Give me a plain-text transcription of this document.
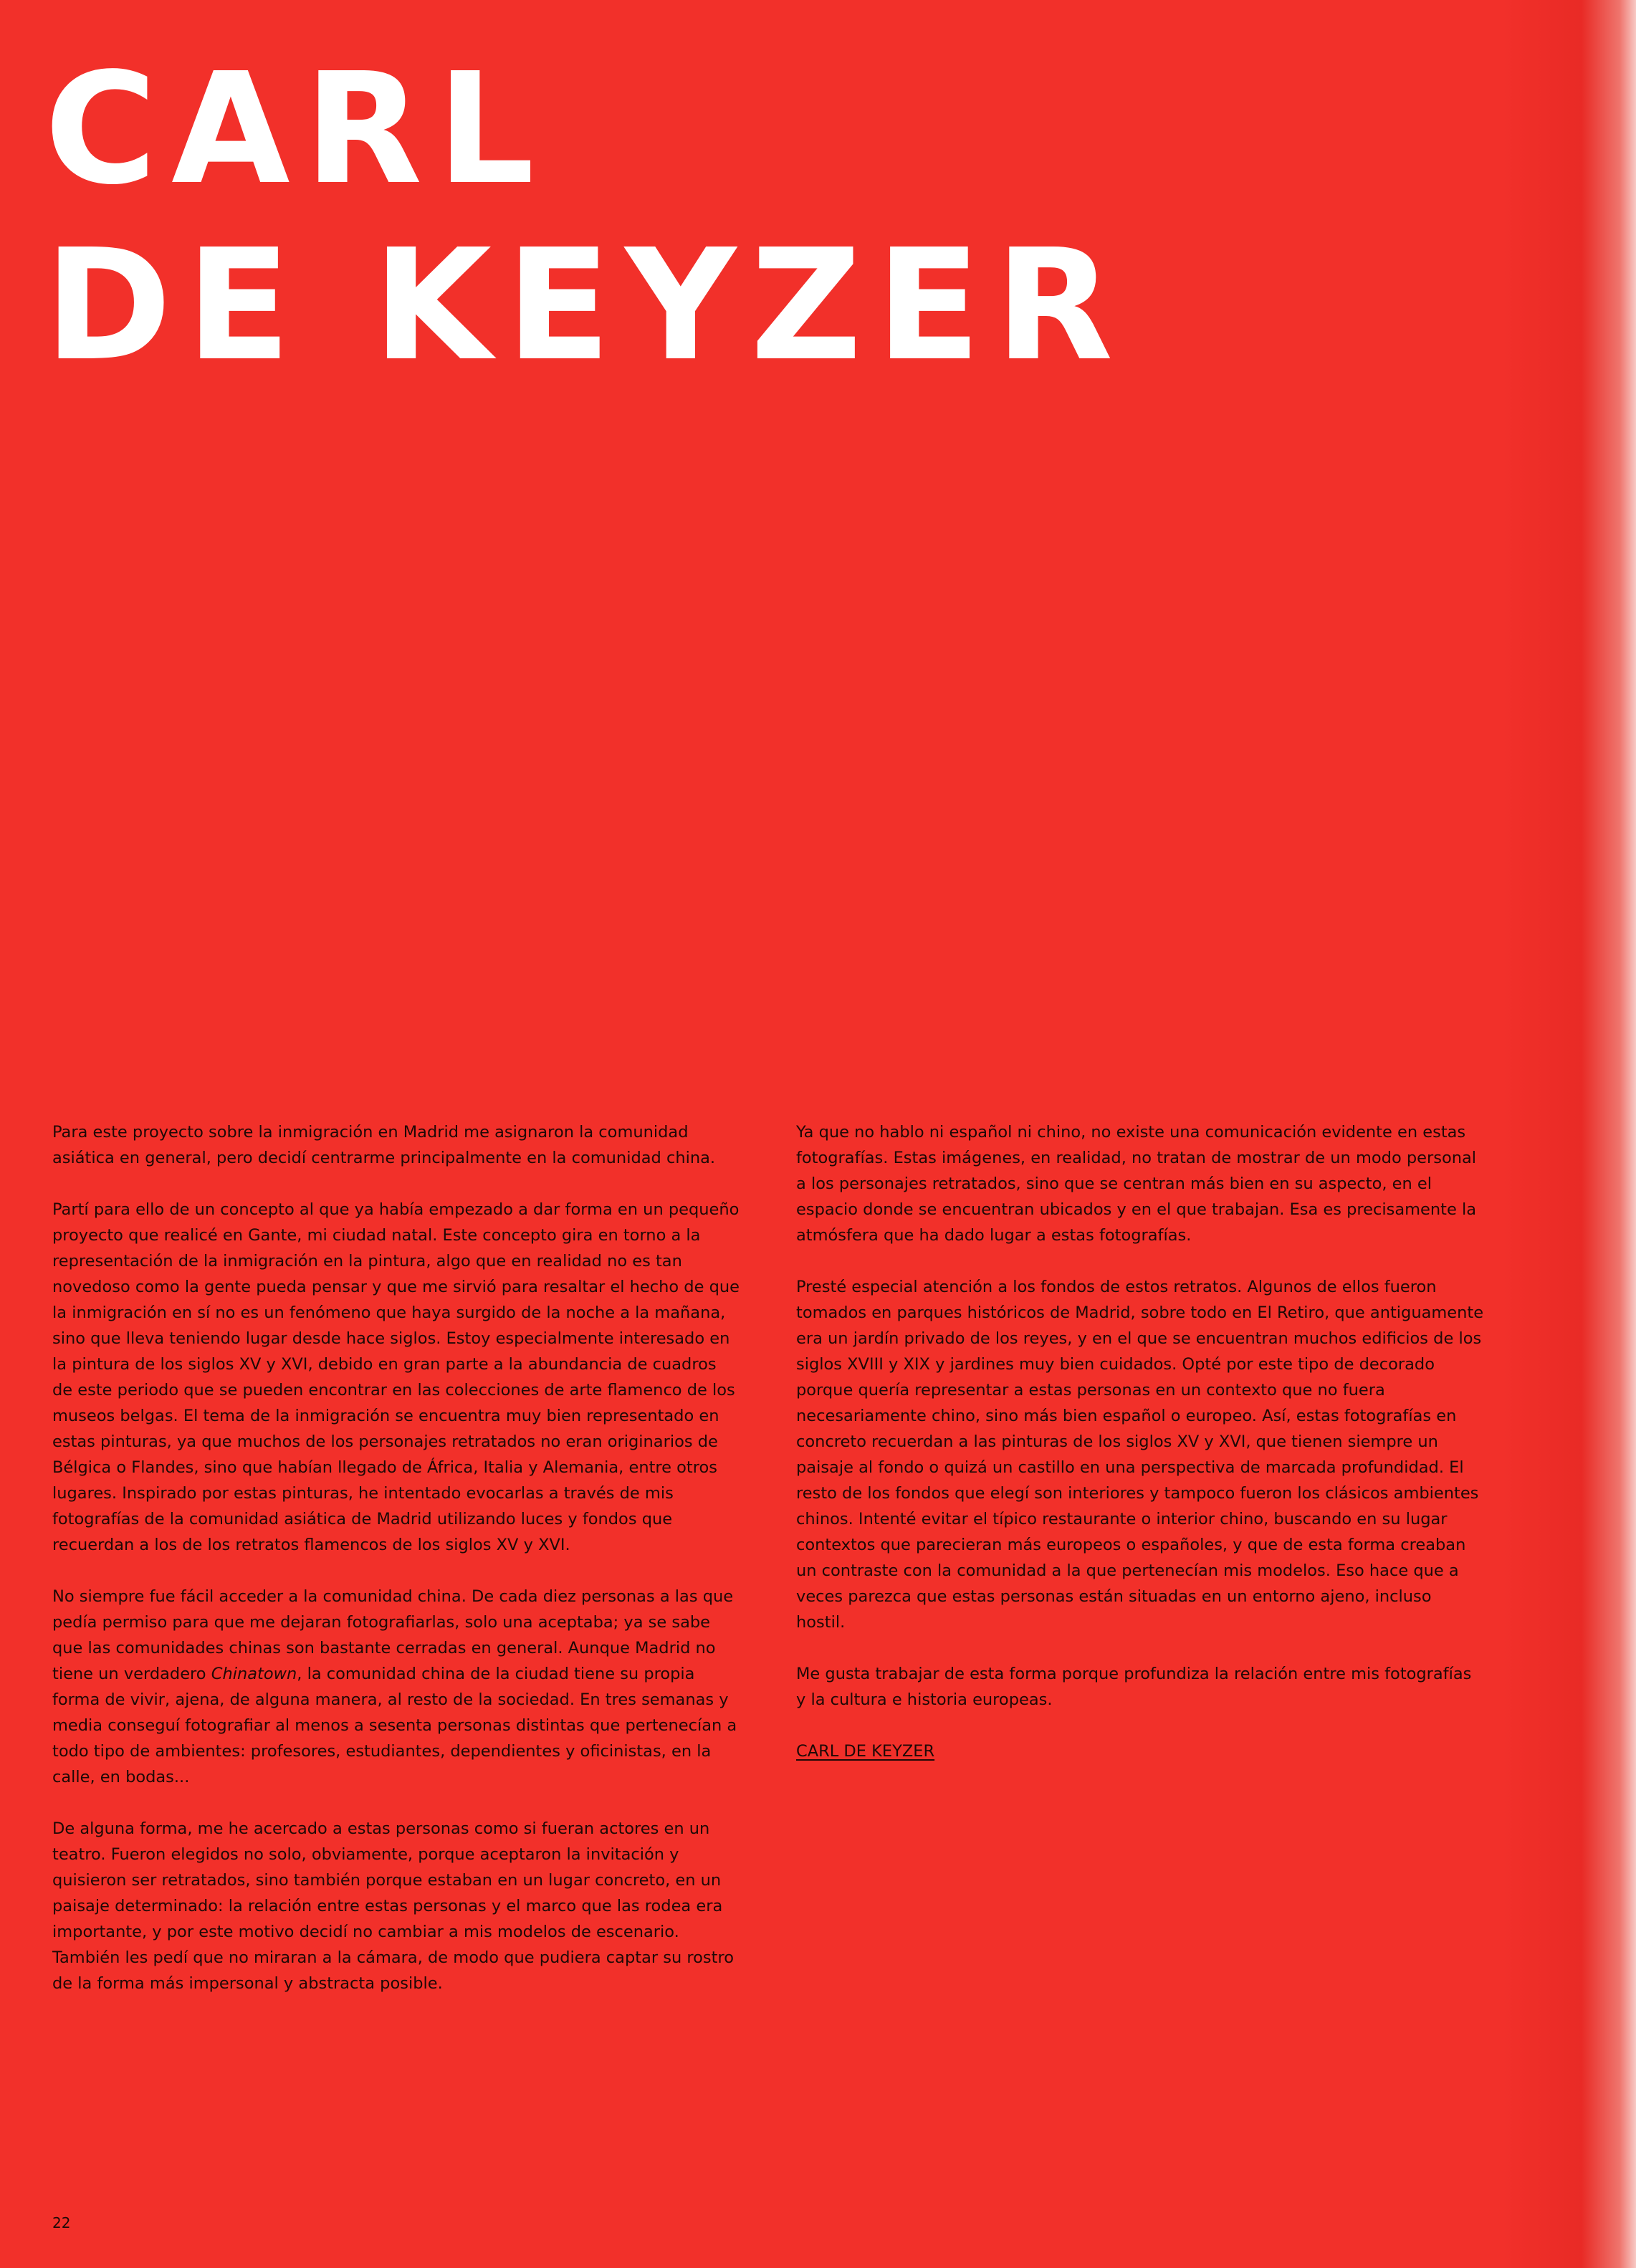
CARL
DE KEYZER

Para este proyecto sobre la inmigración en Madrid me asignaron la comunidad asiática en general, pero decidí centrarme principalmente en la comunidad china.

Partí para ello de un concepto al que ya había empezado a dar forma en un pequeño proyecto que realicé en Gante, mi ciudad natal. Este concepto gira en torno a la representación de la inmigración en la pintura, algo que en realidad no es tan novedoso como la gente pueda pensar y que me sirvió para resaltar el hecho de que la inmigración en sí no es un fenómeno que haya surgido de la noche a la mañana, sino que lleva teniendo lugar desde hace siglos. Estoy especialmente interesado en la pintura de los siglos XV y XVI, debido en gran parte a la abundancia de cuadros de este periodo que se pueden encontrar en las colecciones de arte flamenco de los museos belgas. El tema de la inmigración se encuentra muy bien representado en estas pinturas, ya que muchos de los personajes retratados no eran originarios de Bélgica o Flandes, sino que habían llegado de África, Italia y Alemania, entre otros lugares. Inspirado por estas pinturas, he intentado evocarlas a través de mis fotografías de la comunidad asiática de Madrid utilizando luces y fondos que recuerdan a los de los retratos flamencos de los siglos XV y XVI.

No siempre fue fácil acceder a la comunidad china. De cada diez personas a las que pedía permiso para que me dejaran fotografiarlas, solo una aceptaba; ya se sabe que las comunidades chinas son bastante cerradas en general. Aunque Madrid no tiene un verdadero Chinatown, la comunidad china de la ciudad tiene su propia forma de vivir, ajena, de alguna manera, al resto de la sociedad. En tres semanas y media conseguí fotografiar al menos a sesenta personas distintas que pertenecían a todo tipo de ambientes: profesores, estudiantes, dependientes y oficinistas, en la calle, en bodas...

De alguna forma, me he acercado a estas personas como si fueran actores en un teatro. Fueron elegidos no solo, obviamente, porque aceptaron la invitación y quisieron ser retratados, sino también porque estaban en un lugar concreto, en un paisaje determinado: la relación entre estas personas y el marco que las rodea era importante, y por este motivo decidí no cambiar a mis modelos de escenario. También les pedí que no miraran a la cámara, de modo que pudiera captar su rostro de la forma más impersonal y abstracta posible.

Ya que no hablo ni español ni chino, no existe una comunicación evidente en estas fotografías. Estas imágenes, en realidad, no tratan de mostrar de un modo personal a los personajes retratados, sino que se centran más bien en su aspecto, en el espacio donde se encuentran ubicados y en el que trabajan. Esa es precisamente la atmósfera que ha dado lugar a estas fotografías.

Presté especial atención a los fondos de estos retratos. Algunos de ellos fueron tomados en parques históricos de Madrid, sobre todo en El Retiro, que antiguamente era un jardín privado de los reyes, y en el que se encuentran muchos edificios de los siglos XVIII y XIX y jardines muy bien cuidados. Opté por este tipo de decorado porque quería representar a estas personas en un contexto que no fuera necesariamente chino, sino más bien español o europeo. Así, estas fotografías en concreto recuerdan a las pinturas de los siglos XV y XVI, que tienen siempre un paisaje al fondo o quizá un castillo en una perspectiva de marcada profundidad. El resto de los fondos que elegí son interiores y tampoco fueron los clásicos ambientes chinos. Intenté evitar el típico restaurante o interior chino, buscando en su lugar contextos que parecieran más europeos o españoles, y que de esta forma creaban un contraste con la comunidad a la que pertenecían mis modelos. Eso hace que a veces parezca que estas personas están situadas en un entorno ajeno, incluso hostil.

Me gusta trabajar de esta forma porque profundiza la relación entre mis fotografías y la cultura e historia europeas.

CARL DE KEYZER

22
